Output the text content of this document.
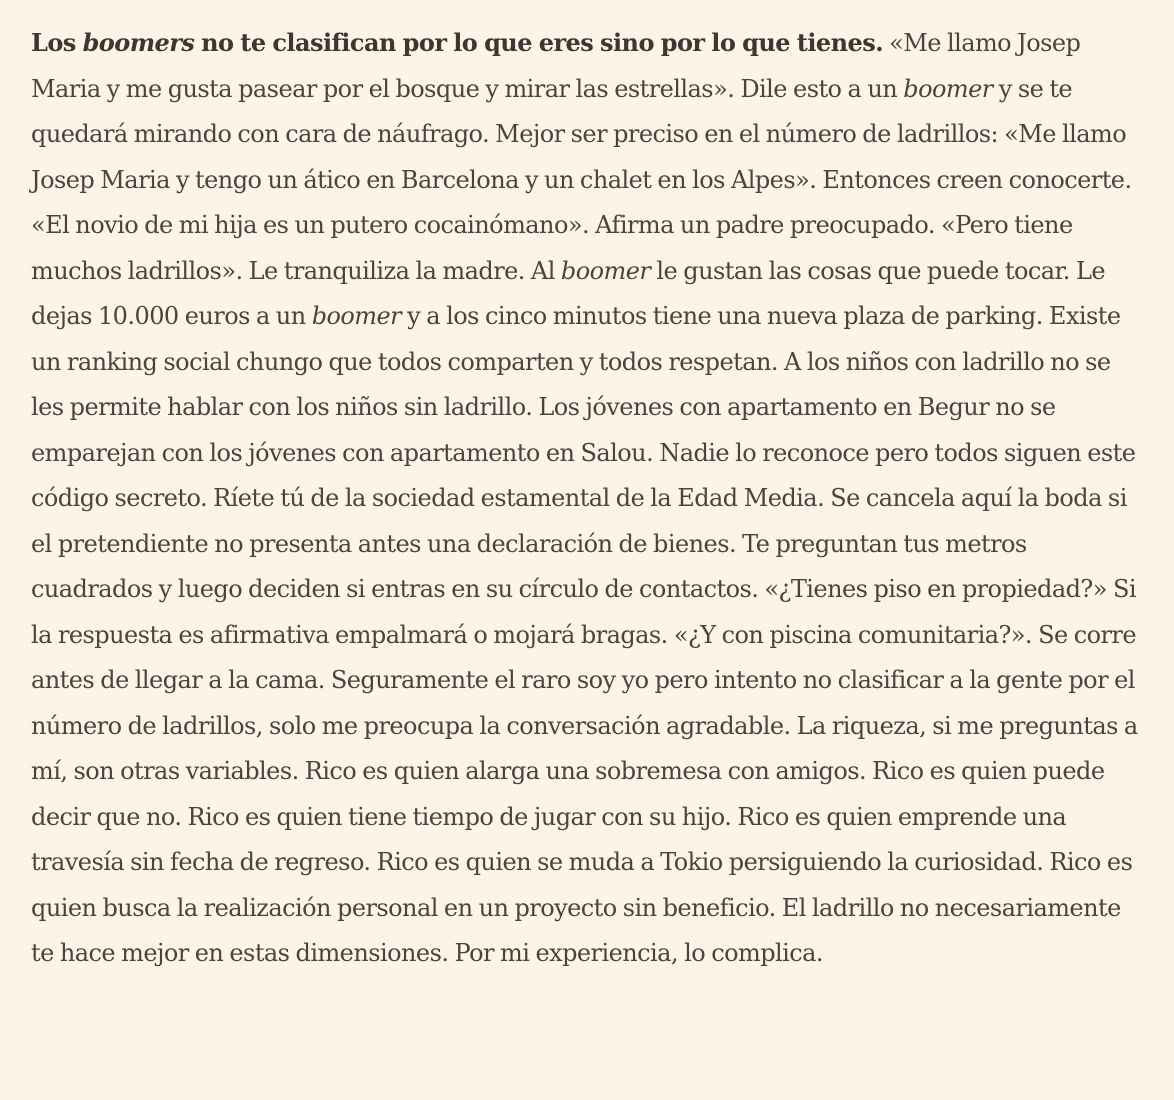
Los boomers no te clasifican por lo que eres sino por lo que tienes. «Me llamo Josep Maria y me gusta pasear por el bosque y mirar las estrellas». Dile esto a un boomer y se te quedará mirando con cara de náufrago. Mejor ser preciso en el número de ladrillos: «Me llamo Josep Maria y tengo un ático en Barcelona y un chalet en los Alpes». Entonces creen conocerte. «El novio de mi hija es un putero cocainómano». Afirma un padre preocupado. «Pero tiene muchos ladrillos». Le tranquiliza la madre. Al boomer le gustan las cosas que puede tocar. Le dejas 10.000 euros a un boomer y a los cinco minutos tiene una nueva plaza de parking. Existe un ranking social chungo que todos comparten y todos respetan. A los niños con ladrillo no se les permite hablar con los niños sin ladrillo. Los jóvenes con apartamento en Begur no se emparejan con los jóvenes con apartamento en Salou. Nadie lo reconoce pero todos siguen este código secreto. Ríete tú de la sociedad estamental de la Edad Media. Se cancela aquí la boda si el pretendiente no presenta antes una declaración de bienes. Te preguntan tus metros cuadrados y luego deciden si entras en su círculo de contactos. «¿Tienes piso en propiedad?» Si la respuesta es afirmativa empalmará o mojará bragas. «¿Y con piscina comunitaria?». Se corre antes de llegar a la cama. Seguramente el raro soy yo pero intento no clasificar a la gente por el número de ladrillos, solo me preocupa la conversación agradable. La riqueza, si me preguntas a mí, son otras variables. Rico es quien alarga una sobremesa con amigos. Rico es quien puede decir que no. Rico es quien tiene tiempo de jugar con su hijo. Rico es quien emprende una travesía sin fecha de regreso. Rico es quien se muda a Tokio persiguiendo la curiosidad. Rico es quien busca la realización personal en un proyecto sin beneficio. El ladrillo no necesariamente te hace mejor en estas dimensiones. Por mi experiencia, lo complica.
